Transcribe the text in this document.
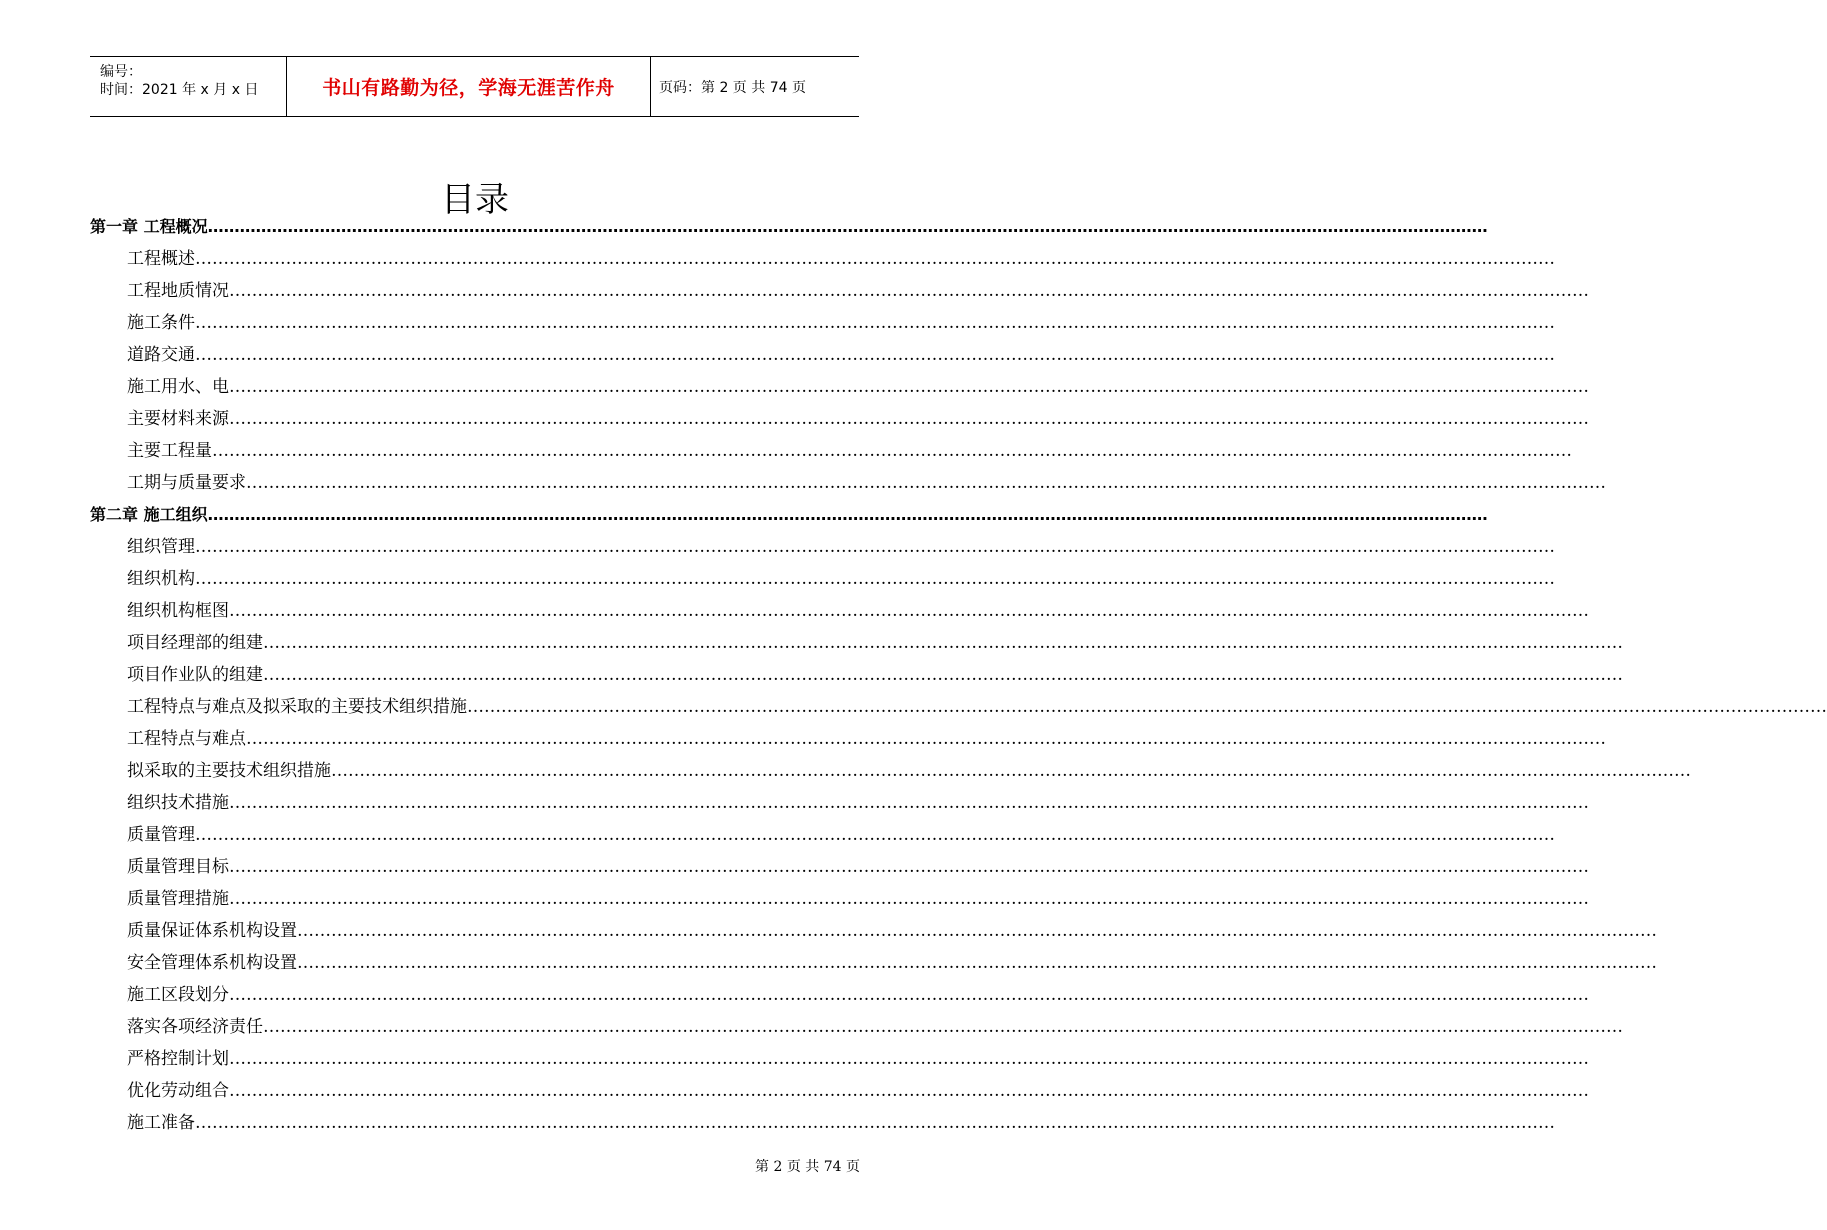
编号：
时间：2021 年 x 月 x 日	书山有路勤为径，学海无涯苦作舟	页码：第 2 页 共 74 页
目录
第一章 工程概况……………………………………………………………………………………………………………………………………………………………………………………………………………………
工程概述……………………………………………………………………………………………………………………………………………………………………………………………………………………
工程地质情况……………………………………………………………………………………………………………………………………………………………………………………………………………………
施工条件……………………………………………………………………………………………………………………………………………………………………………………………………………………
道路交通……………………………………………………………………………………………………………………………………………………………………………………………………………………
施工用水、电……………………………………………………………………………………………………………………………………………………………………………………………………………………
主要材料来源……………………………………………………………………………………………………………………………………………………………………………………………………………………
主要工程量……………………………………………………………………………………………………………………………………………………………………………………………………………………
工期与质量要求……………………………………………………………………………………………………………………………………………………………………………………………………………………
第二章 施工组织……………………………………………………………………………………………………………………………………………………………………………………………………………………
组织管理……………………………………………………………………………………………………………………………………………………………………………………………………………………
组织机构……………………………………………………………………………………………………………………………………………………………………………………………………………………
组织机构框图……………………………………………………………………………………………………………………………………………………………………………………………………………………
项目经理部的组建……………………………………………………………………………………………………………………………………………………………………………………………………………………
项目作业队的组建……………………………………………………………………………………………………………………………………………………………………………………………………………………
工程特点与难点及拟采取的主要技术组织措施……………………………………………………………………………………………………………………………………………………………………………………………………………………
工程特点与难点……………………………………………………………………………………………………………………………………………………………………………………………………………………
拟采取的主要技术组织措施……………………………………………………………………………………………………………………………………………………………………………………………………………………
组织技术措施……………………………………………………………………………………………………………………………………………………………………………………………………………………
质量管理……………………………………………………………………………………………………………………………………………………………………………………………………………………
质量管理目标……………………………………………………………………………………………………………………………………………………………………………………………………………………
质量管理措施……………………………………………………………………………………………………………………………………………………………………………………………………………………
质量保证体系机构设置……………………………………………………………………………………………………………………………………………………………………………………………………………………
安全管理体系机构设置……………………………………………………………………………………………………………………………………………………………………………………………………………………
施工区段划分……………………………………………………………………………………………………………………………………………………………………………………………………………………
落实各项经济责任……………………………………………………………………………………………………………………………………………………………………………………………………………………
严格控制计划……………………………………………………………………………………………………………………………………………………………………………………………………………………
优化劳动组合……………………………………………………………………………………………………………………………………………………………………………………………………………………
施工准备……………………………………………………………………………………………………………………………………………………………………………………………………………………
第 2 页 共 74 页
